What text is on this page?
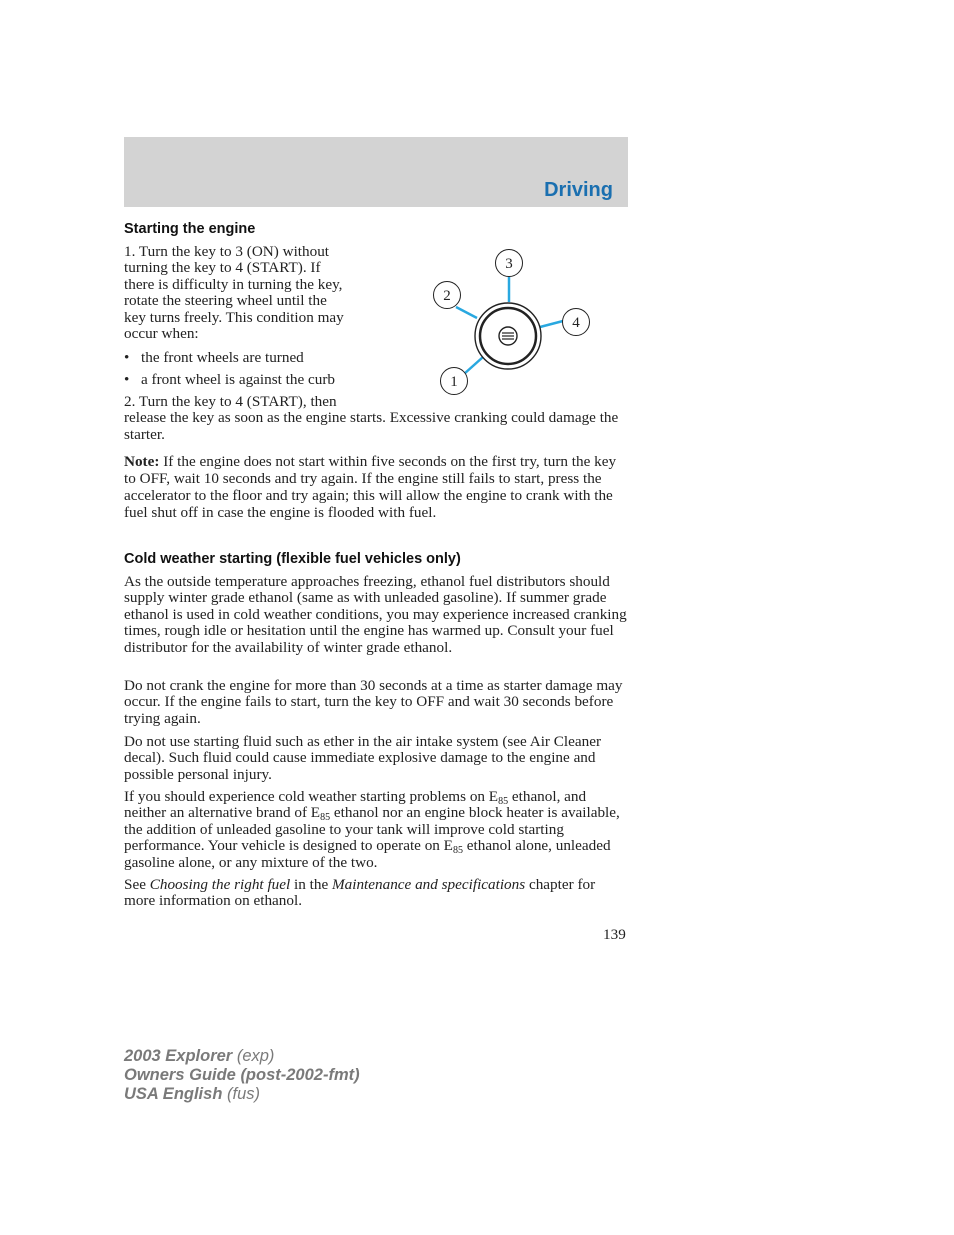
Driving
Starting the engine
1. Turn the key to 3 (ON) without
turning the key to 4 (START). If
there is difficulty in turning the key,
rotate the steering wheel until the
key turns freely. This condition may
occur when:
• the front wheels are turned
• a front wheel is against the curb
3
2
4
1
2. Turn the key to 4 (START), then
release the key as soon as the engine starts. Excessive cranking could damage the starter.
Note: If the engine does not start within five seconds on the first try, turn the key to OFF, wait 10 seconds and try again. If the engine still fails to start, press the accelerator to the floor and try again; this will allow the engine to crank with the fuel shut off in case the engine is flooded with fuel.
Cold weather starting (flexible fuel vehicles only)
As the outside temperature approaches freezing, ethanol fuel distributors should supply winter grade ethanol (same as with unleaded gasoline). If summer grade ethanol is used in cold weather conditions, you may experience increased cranking times, rough idle or hesitation until the engine has warmed up. Consult your fuel distributor for the availability of winter grade ethanol.
Do not crank the engine for more than 30 seconds at a time as starter damage may occur. If the engine fails to start, turn the key to OFF and wait 30 seconds before trying again.
Do not use starting fluid such as ether in the air intake system (see Air Cleaner decal). Such fluid could cause immediate explosive damage to the engine and possible personal injury.
If you should experience cold weather starting problems on $E_{85}$ ethanol, and neither an alternative brand of $E_{85}$ ethanol nor an engine block heater is available, the addition of unleaded gasoline to your tank will improve cold starting performance. Your vehicle is designed to operate on $E_{85}$ ethanol alone, unleaded gasoline alone, or any mixture of the two.
See Choosing the right fuel in the Maintenance and specifications chapter for more information on ethanol.
139
2003 Explorer (exp)
Owners Guide (post-2002-fmt)
USA English (fus)
